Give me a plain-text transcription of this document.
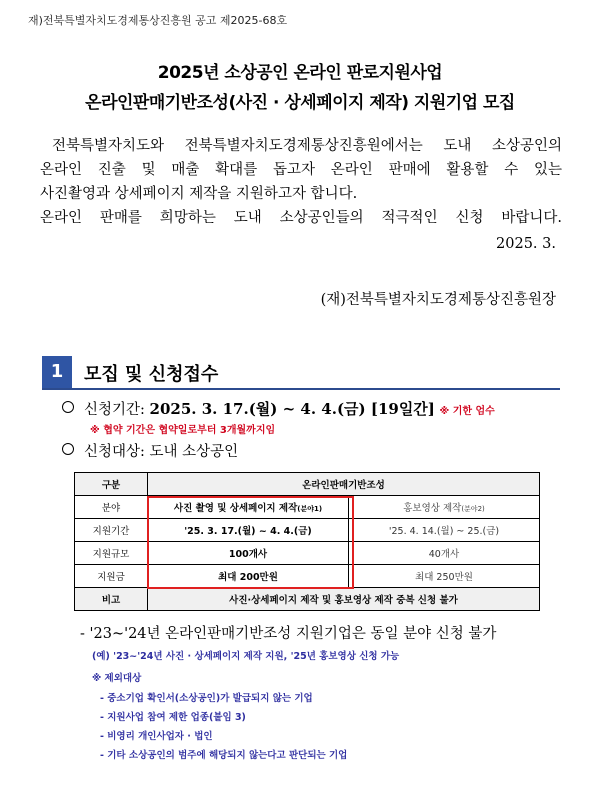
재)전북특별자치도경제통상진흥원 공고 제2025-68호
2025년 소상공인 온라인 판로지원사업
온라인판매기반조성(사진 · 상세페이지 제작) 지원기업 모집
전북특별자치도와 전북특별자치도경제통상진흥원에서는 도내 소상공인의
온라인 진출 및 매출 확대를 돕고자 온라인 판매에 활용할 수 있는
사진촬영과 상세페이지 제작을 지원하고자 합니다.
온라인 판매를 희망하는 도내 소상공인들의 적극적인 신청 바랍니다.
2025. 3.
(재)전북특별자치도경제통상진흥원장
1	모집 및 신청접수
신청기간: 2025. 3. 17.(월) ~ 4. 4.(금) [19일간] ※ 기한 엄수
※ 협약 기간은 협약일로부터 3개월까지임
신청대상: 도내 소상공인
구분	온라인판매기반조성	
분야	사진 촬영 및 상세페이지 제작(분야1)	홍보영상 제작(분야2)
지원기간	'25. 3. 17.(월) ~ 4. 4.(금)	'25. 4. 14.(월) ~ 25.(금)
지원규모	100개사	40개사
지원금	최대 200만원	최대 250만원
비고	사진·상세페이지 제작 및 홍보영상 제작 중복 신청 불가	
- '23~'24년 온라인판매기반조성 지원기업은 동일 분야 신청 불가
(예) '23~'24년 사진 · 상세페이지 제작 지원, '25년 홍보영상 신청 가능
※ 제외대상
- 중소기업 확인서(소상공인)가 발급되지 않는 기업
- 지원사업 참여 제한 업종(붙임 3)
- 비영리 개인사업자 · 법인
- 기타 소상공인의 범주에 해당되지 않는다고 판단되는 기업
